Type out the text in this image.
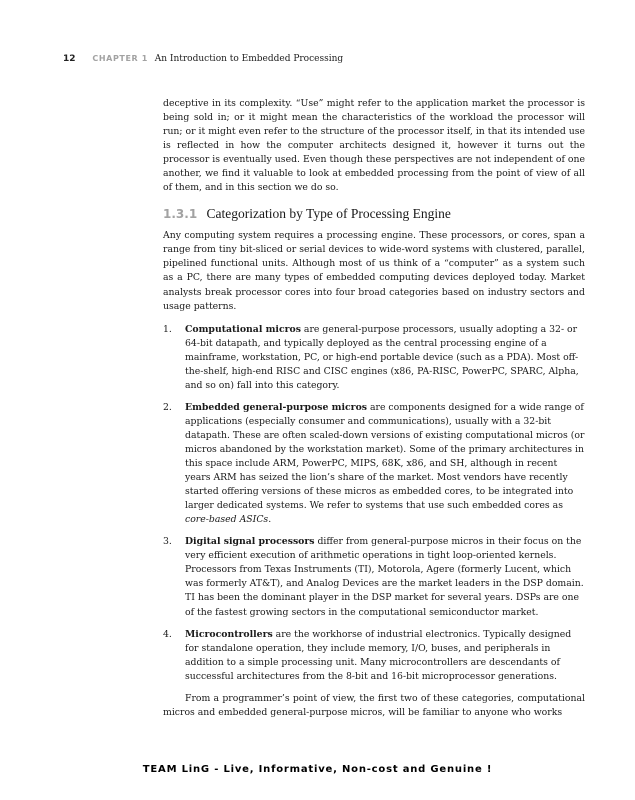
12 CHAPTER 1 An Introduction to Embedded Processing

deceptive in its complexity. “Use” might refer to the application market the processor is being sold in; or it might mean the characteristics of the workload the processor will run; or it might even refer to the structure of the processor itself, in that its intended use is reflected in how the computer architects designed it, however it turns out the processor is eventually used. Even though these perspectives are not independent of one another, we find it valuable to look at embedded processing from the point of view of all of them, and in this section we do so.

1.3.1 Categorization by Type of Processing Engine

Any computing system requires a processing engine. These processors, or cores, span a range from tiny bit-sliced or serial devices to wide-word systems with clustered, parallel, pipelined functional units. Although most of us think of a “computer” as a system such as a PC, there are many types of embedded computing devices deployed today. Market analysts break processor cores into four broad categories based on industry sectors and usage patterns.

1. Computational micros are general-purpose processors, usually adopting a 32- or 64-bit datapath, and typically deployed as the central processing engine of a mainframe, workstation, PC, or high-end portable device (such as a PDA). Most off-the-shelf, high-end RISC and CISC engines (x86, PA-RISC, PowerPC, SPARC, Alpha, and so on) fall into this category.
2. Embedded general-purpose micros are components designed for a wide range of applications (especially consumer and communications), usually with a 32-bit datapath. These are often scaled-down versions of existing computational micros (or micros abandoned by the workstation market). Some of the primary architectures in this space include ARM, PowerPC, MIPS, 68K, x86, and SH, although in recent years ARM has seized the lion’s share of the market. Most vendors have recently started offering versions of these micros as embedded cores, to be integrated into larger dedicated systems. We refer to systems that use such embedded cores as core-based ASICs.
3. Digital signal processors differ from general-purpose micros in their focus on the very efficient execution of arithmetic operations in tight loop-oriented kernels. Processors from Texas Instruments (TI), Motorola, Agere (formerly Lucent, which was formerly AT&T), and Analog Devices are the market leaders in the DSP domain. TI has been the dominant player in the DSP market for several years. DSPs are one of the fastest growing sectors in the computational semiconductor market.
4. Microcontrollers are the workhorse of industrial electronics. Typically designed for standalone operation, they include memory, I/O, buses, and peripherals in addition to a simple processing unit. Many microcontrollers are descendants of successful architectures from the 8-bit and 16-bit microprocessor generations.

From a programmer’s point of view, the first two of these categories, computational micros and embedded general-purpose micros, will be familiar to anyone who works

TEAM LinG - Live, Informative, Non-cost and Genuine !
